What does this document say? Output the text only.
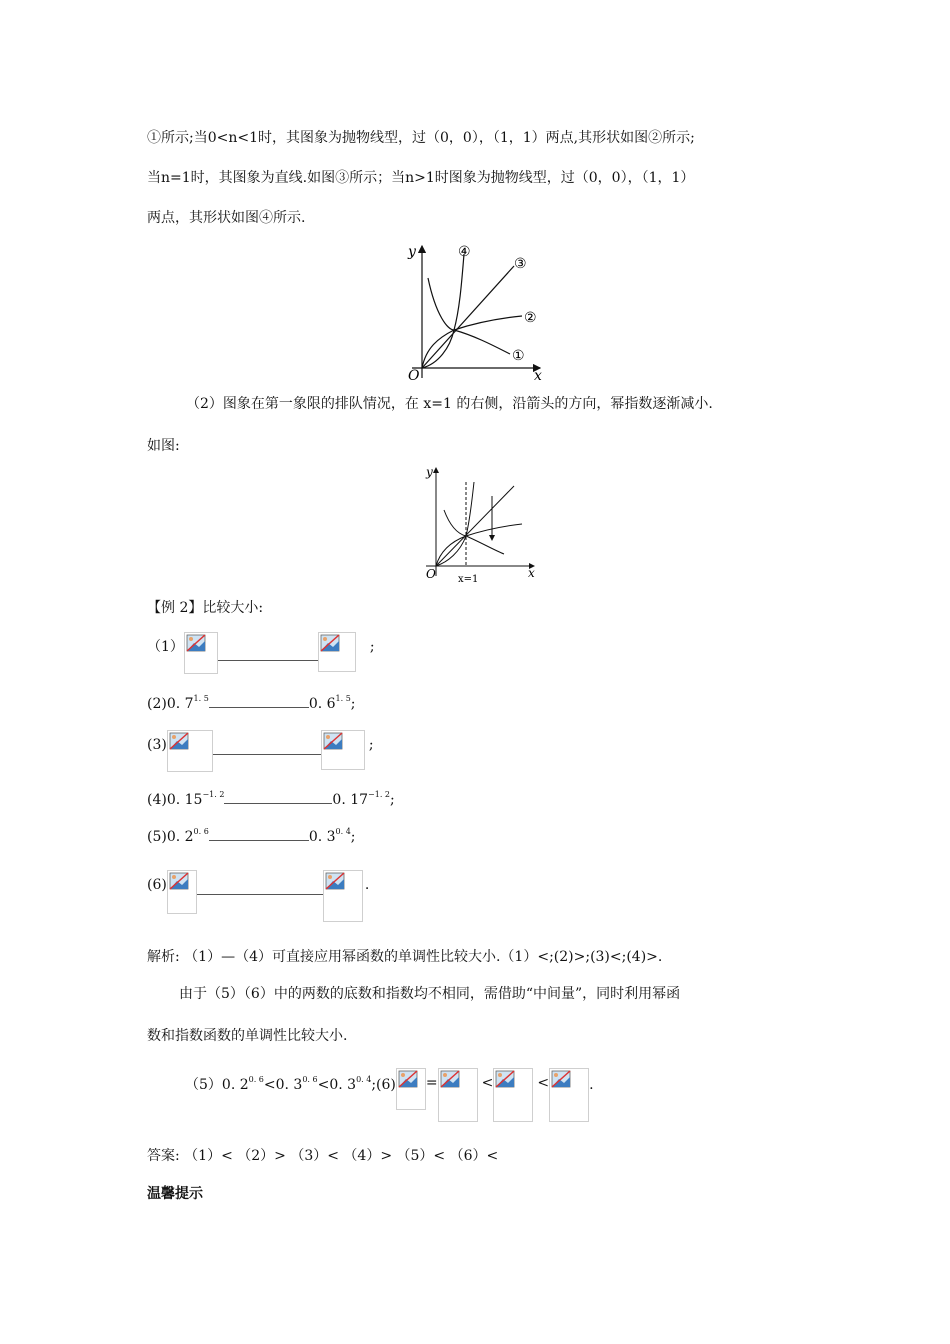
①所示;当0<n<1时，其图象为抛物线型，过（0，0），（1，1）两点,其形状如图②所示;
当n=1时，其图象为直线.如图③所示；当n>1时图象为抛物线型，过（0，0），（1，1）
两点，其形状如图④所示.
y
x
O
①
②
③
④
（2）图象在第一象限的排队情况，在 x=1 的右侧，沿箭头的方向，幂指数逐渐减小.
如图:
y
x
O x=1
【例 2】比较大小:
（1）	;
(2)0. $7^{1. 5}$	0. $6^{1. 5}$;
(3)	;
(4)0. $15^{-1. 2}$	0. $17^{-1. 2}$;
(5)0. $2^{0. 6}$	0. $3^{0. 4}$;
(6)	.
解析: （1）—（4）可直接应用幂函数的单调性比较大小.（1）<;(2)>;(3)<;(4)>.
由于（5）（6）中的两数的底数和指数均不相同，需借助“中间量”，同时利用幂函
数和指数函数的单调性比较大小.
（5）0. $2^{0. 6}<0$. $3^{0. 6}<0$. $3^{0. 4};(6)$ =	<	<	.
答案: （1）< （2）> （3）< （4）> （5）< （6）<
温馨提示
